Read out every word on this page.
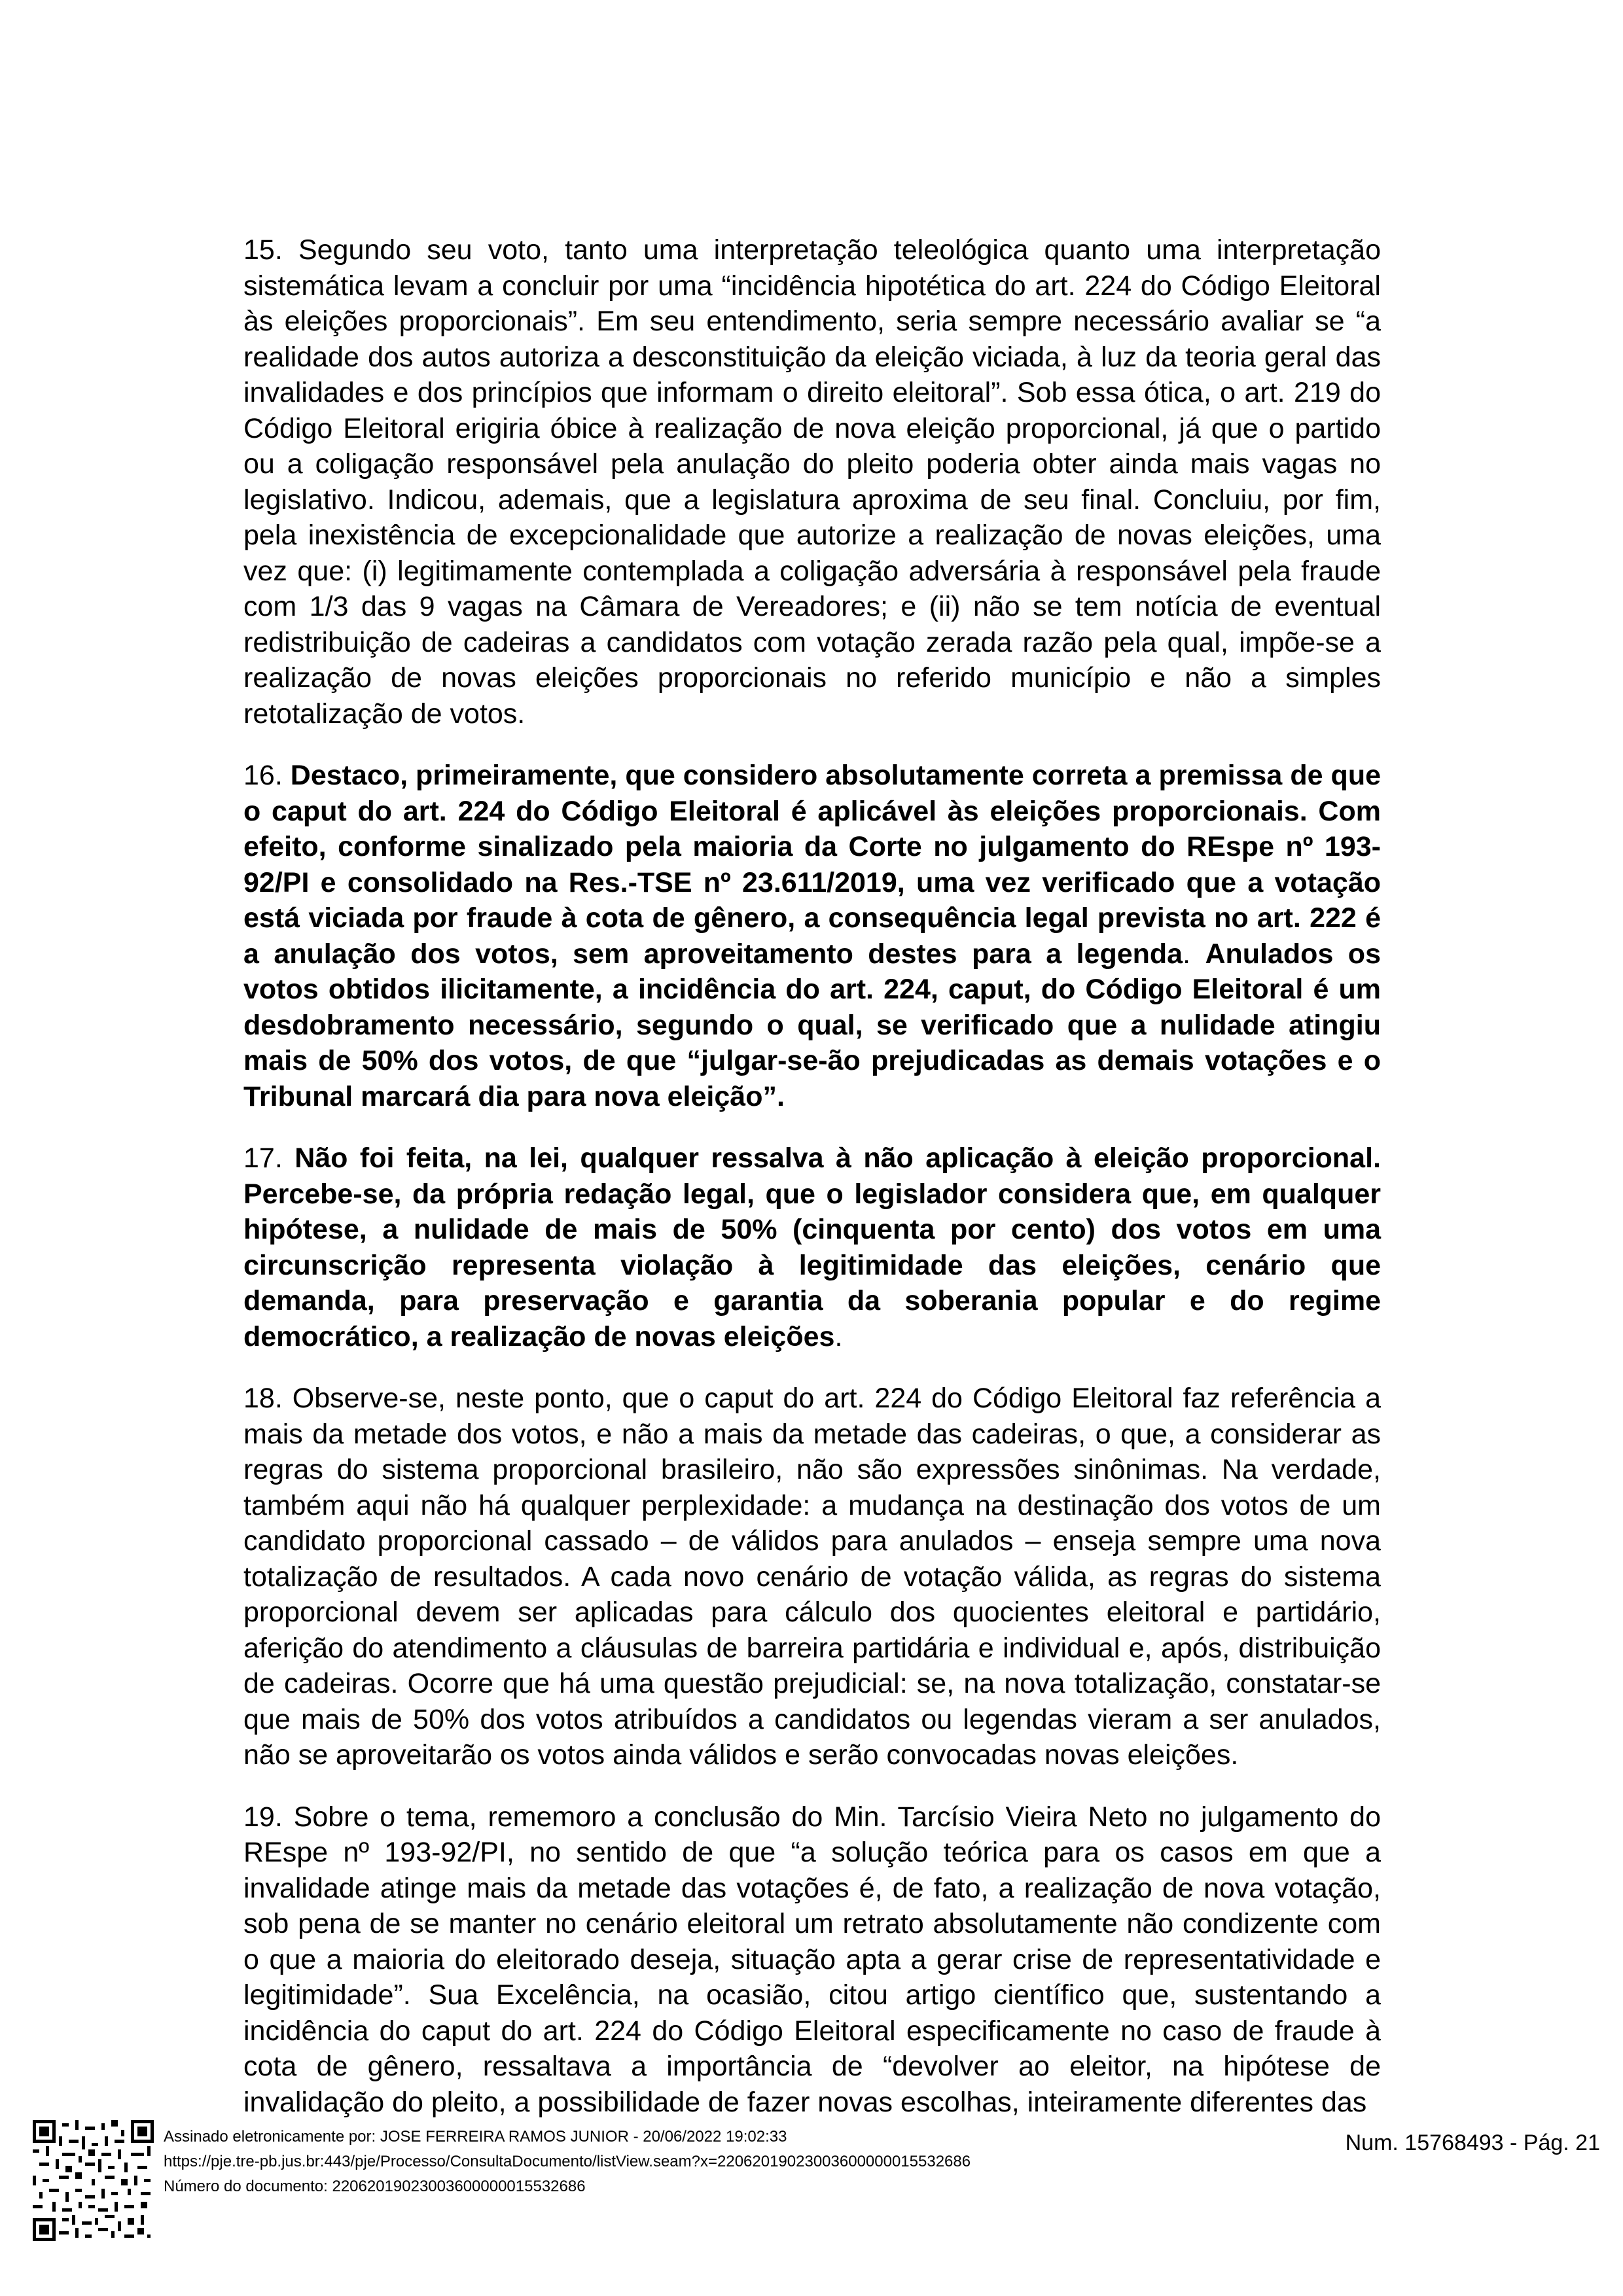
15. Segundo seu voto, tanto uma interpretação teleológica quanto uma interpretação sistemática levam a concluir por uma “incidência hipotética do art. 224 do Código Eleitoral às eleições proporcionais”. Em seu entendimento, seria sempre necessário avaliar se “a realidade dos autos autoriza a desconstituição da eleição viciada, à luz da teoria geral das invalidades e dos princípios que informam o direito eleitoral”. Sob essa ótica, o art. 219 do Código Eleitoral erigiria óbice à realização de nova eleição proporcional, já que o partido ou a coligação responsável pela anulação do pleito poderia obter ainda mais vagas no legislativo. Indicou, ademais, que a legislatura aproxima de seu final. Concluiu, por fim, pela inexistência de excepcionalidade que autorize a realização de novas eleições, uma vez que: (i) legitimamente contemplada a coligação adversária à responsável pela fraude com 1/3 das 9 vagas na Câmara de Vereadores; e (ii) não se tem notícia de eventual redistribuição de cadeiras a candidatos com votação zerada razão pela qual, impõe-se a realização de novas eleições proporcionais no referido município e não a simples retotalização de votos.

16. Destaco, primeiramente, que considero absolutamente correta a premissa de que o caput do art. 224 do Código Eleitoral é aplicável às eleições proporcionais. Com efeito, conforme sinalizado pela maioria da Corte no julgamento do REspe nº 193-92/PI e consolidado na Res.-TSE nº 23.611/2019, uma vez verificado que a votação está viciada por fraude à cota de gênero, a consequência legal prevista no art. 222 é a anulação dos votos, sem aproveitamento destes para a legenda. Anulados os votos obtidos ilicitamente, a incidência do art. 224, caput, do Código Eleitoral é um desdobramento necessário, segundo o qual, se verificado que a nulidade atingiu mais de 50% dos votos, de que “julgar-se-ão prejudicadas as demais votações e o Tribunal marcará dia para nova eleição”.

17. Não foi feita, na lei, qualquer ressalva à não aplicação à eleição proporcional. Percebe-se, da própria redação legal, que o legislador considera que, em qualquer hipótese, a nulidade de mais de 50% (cinquenta por cento) dos votos em uma circunscrição representa violação à legitimidade das eleições, cenário que demanda, para preservação e garantia da soberania popular e do regime democrático, a realização de novas eleições.

18. Observe-se, neste ponto, que o caput do art. 224 do Código Eleitoral faz referência a mais da metade dos votos, e não a mais da metade das cadeiras, o que, a considerar as regras do sistema proporcional brasileiro, não são expressões sinônimas. Na verdade, também aqui não há qualquer perplexidade: a mudança na destinação dos votos de um candidato proporcional cassado – de válidos para anulados – enseja sempre uma nova totalização de resultados. A cada novo cenário de votação válida, as regras do sistema proporcional devem ser aplicadas para cálculo dos quocientes eleitoral e partidário, aferição do atendimento a cláusulas de barreira partidária e individual e, após, distribuição de cadeiras. Ocorre que há uma questão prejudicial: se, na nova totalização, constatar-se que mais de 50% dos votos atribuídos a candidatos ou legendas vieram a ser anulados, não se aproveitarão os votos ainda válidos e serão convocadas novas eleições.

19. Sobre o tema, rememoro a conclusão do Min. Tarcísio Vieira Neto no julgamento do REspe nº 193-92/PI, no sentido de que “a solução teórica para os casos em que a invalidade atinge mais da metade das votações é, de fato, a realização de nova votação, sob pena de se manter no cenário eleitoral um retrato absolutamente não condizente com o que a maioria do eleitorado deseja, situação apta a gerar crise de representatividade e legitimidade”. Sua Excelência, na ocasião, citou artigo científico que, sustentando a incidência do caput do art. 224 do Código Eleitoral especificamente no caso de fraude à cota de gênero, ressaltava a importância de “devolver ao eleitor, na hipótese de invalidação do pleito, a possibilidade de fazer novas escolhas, inteiramente diferentes das

Assinado eletronicamente por: JOSE FERREIRA RAMOS JUNIOR - 20/06/2022 19:02:33
https://pje.tre-pb.jus.br:443/pje/Processo/ConsultaDocumento/listView.seam?x=22062019023003600000015532686
Número do documento: 22062019023003600000015532686
Num. 15768493 - Pág. 21
